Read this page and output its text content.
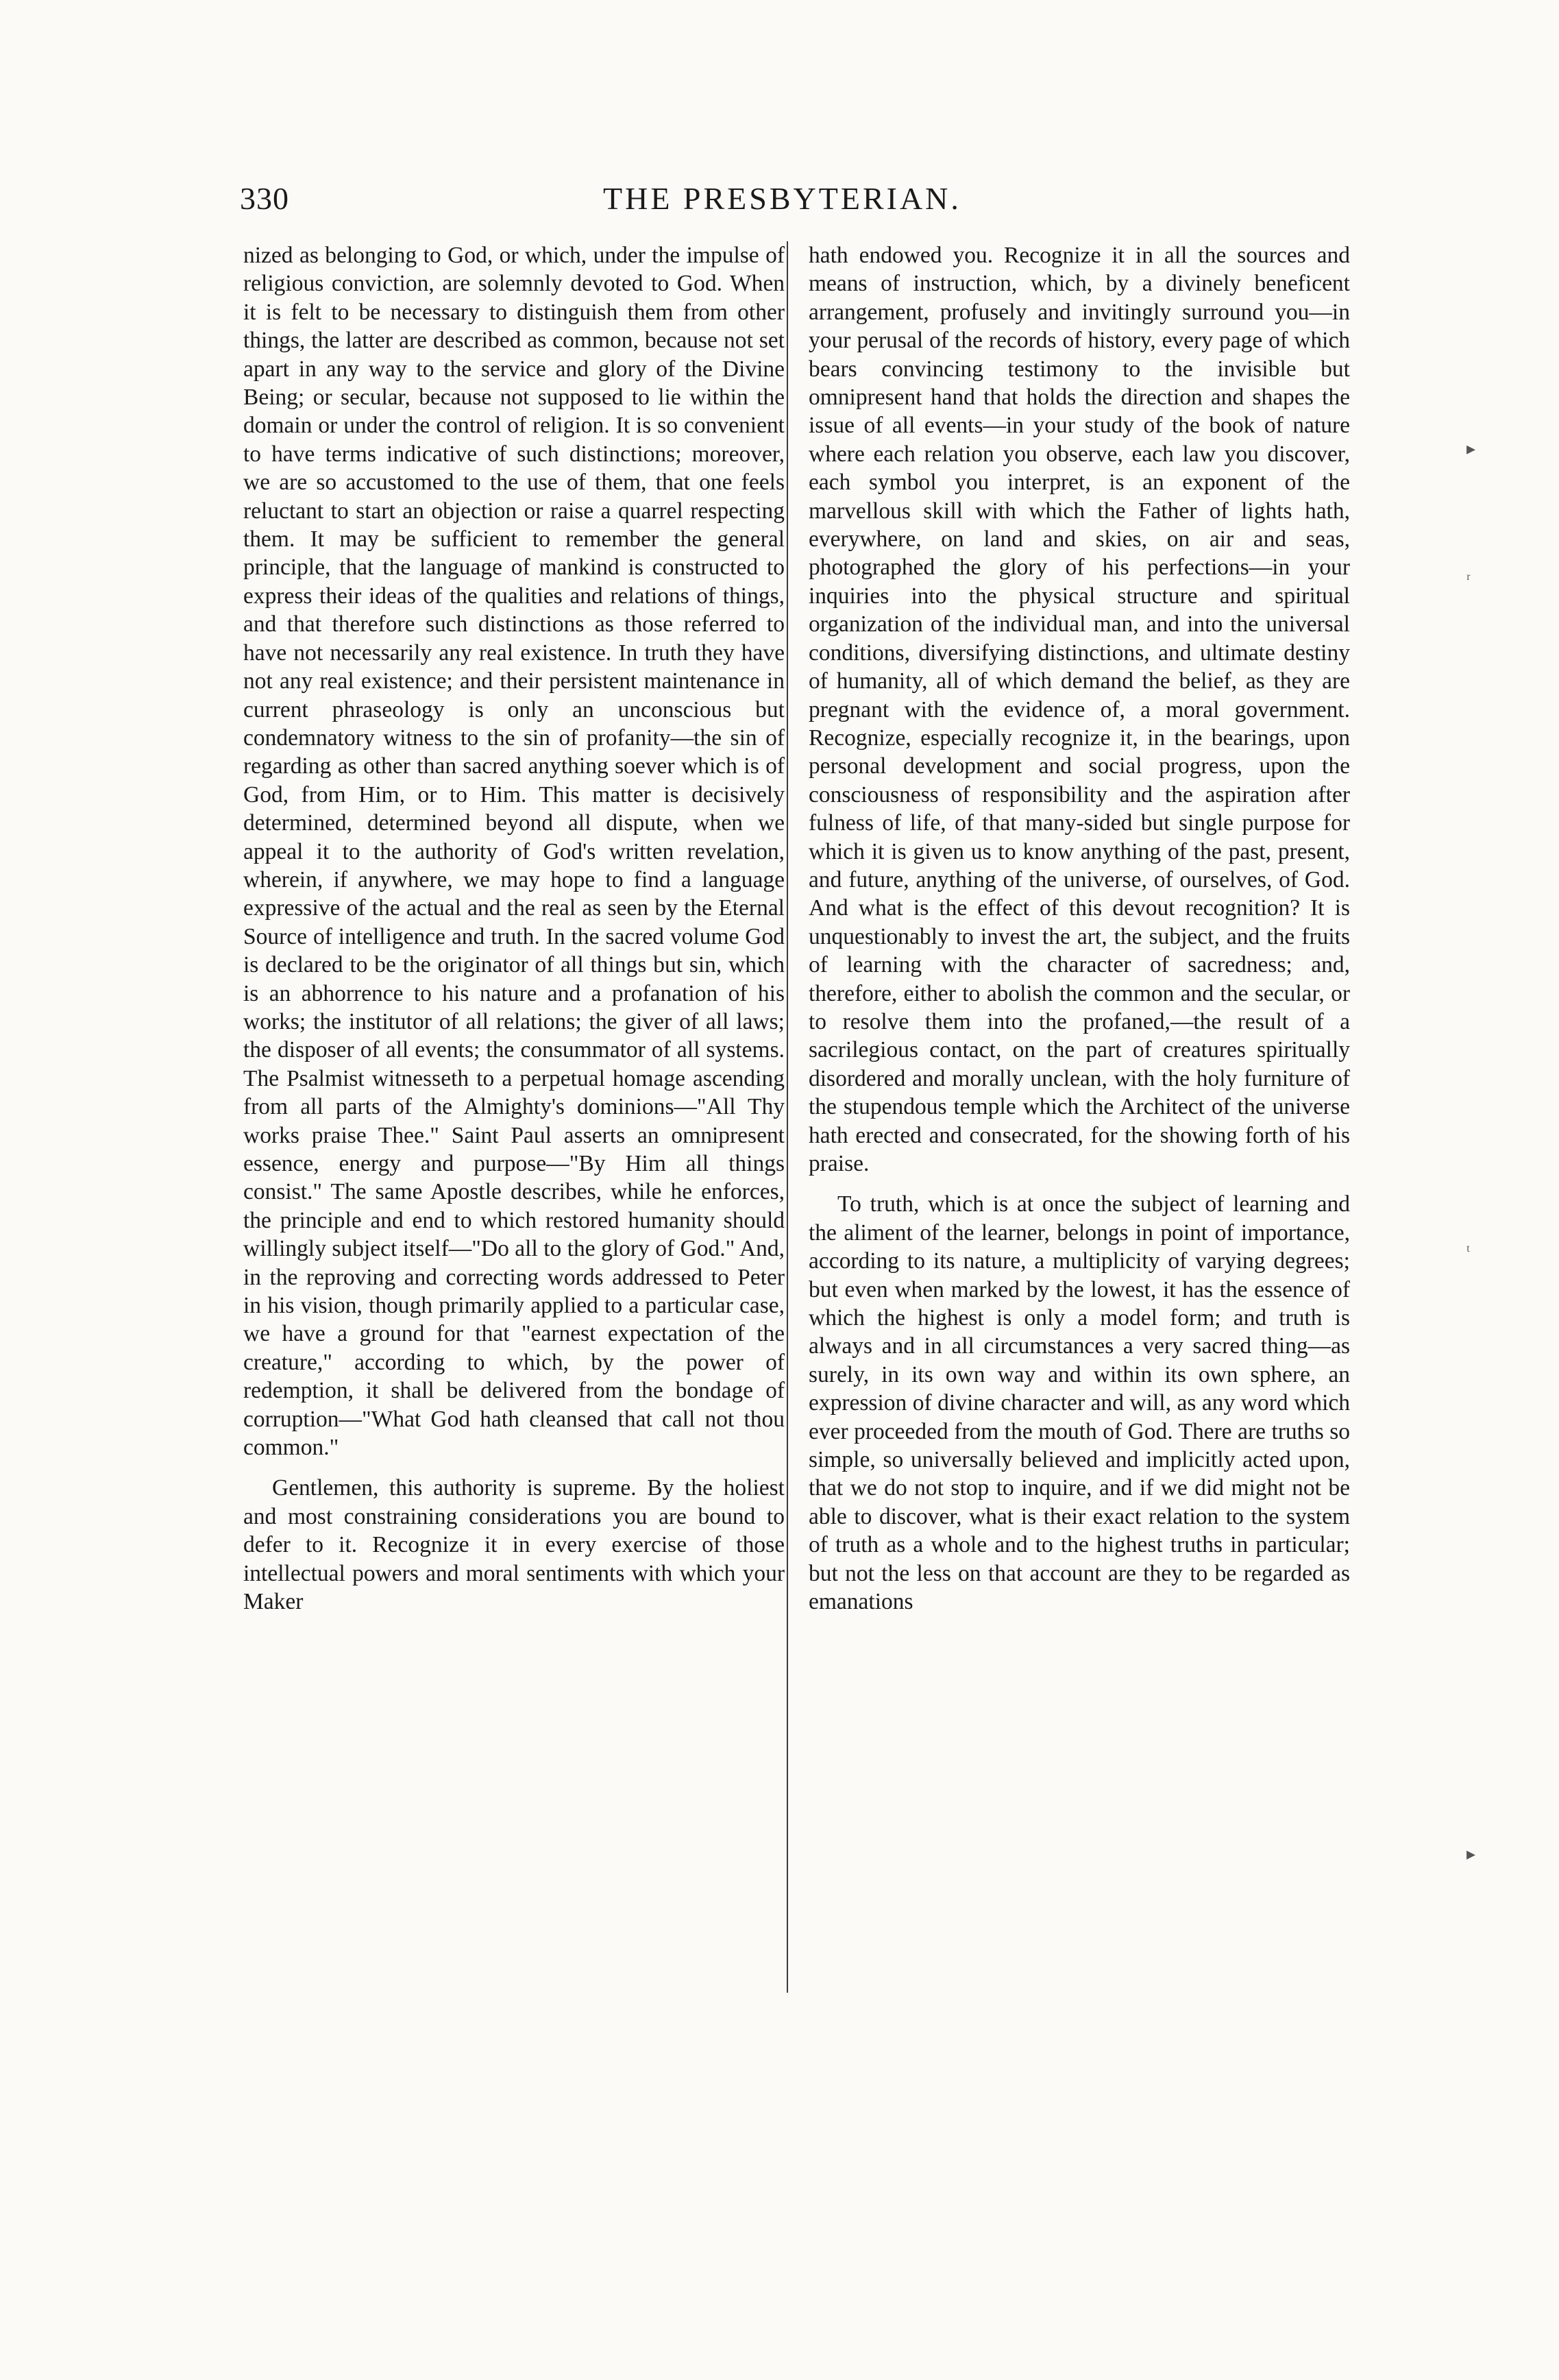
330	THE PRESBYTERIAN.

nized as belonging to God, or which, under the impulse of religious conviction, are solemnly devoted to God. When it is felt to be necessary to distinguish them from other things, the latter are described as common, because not set apart in any way to the service and glory of the Divine Being; or secular, because not supposed to lie within the domain or under the control of religion. It is so convenient to have terms indicative of such distinctions; moreover, we are so accustomed to the use of them, that one feels reluctant to start an objection or raise a quarrel respecting them. It may be sufficient to remember the general principle, that the language of mankind is constructed to express their ideas of the qualities and relations of things, and that therefore such distinctions as those referred to have not necessarily any real existence. In truth they have not any real existence; and their persistent maintenance in current phraseology is only an unconscious but condemnatory witness to the sin of profanity—the sin of regarding as other than sacred anything soever which is of God, from Him, or to Him. This matter is decisively determined, determined beyond all dispute, when we appeal it to the authority of God's written revelation, wherein, if anywhere, we may hope to find a language expressive of the actual and the real as seen by the Eternal Source of intelligence and truth. In the sacred volume God is declared to be the originator of all things but sin, which is an abhorrence to his nature and a profanation of his works; the institutor of all relations; the giver of all laws; the disposer of all events; the consummator of all systems. The Psalmist witnesseth to a perpetual homage ascending from all parts of the Almighty's dominions—"All Thy works praise Thee." Saint Paul asserts an omnipresent essence, energy and purpose—"By Him all things consist." The same Apostle describes, while he enforces, the principle and end to which restored humanity should willingly subject itself—"Do all to the glory of God." And, in the reproving and correcting words addressed to Peter in his vision, though primarily applied to a particular case, we have a ground for that "earnest expectation of the creature," according to which, by the power of redemption, it shall be delivered from the bondage of corruption—"What God hath cleansed that call not thou common."

Gentlemen, this authority is supreme. By the holiest and most constraining considerations you are bound to defer to it. Recognize it in every exercise of those intellectual powers and moral sentiments with which your Maker

hath endowed you. Recognize it in all the sources and means of instruction, which, by a divinely beneficent arrangement, profusely and invitingly surround you—in your perusal of the records of history, every page of which bears convincing testimony to the invisible but omnipresent hand that holds the direction and shapes the issue of all events—in your study of the book of nature where each relation you observe, each law you discover, each symbol you interpret, is an exponent of the marvellous skill with which the Father of lights hath, everywhere, on land and skies, on air and seas, photographed the glory of his perfections—in your inquiries into the physical structure and spiritual organization of the individual man, and into the universal conditions, diversifying distinctions, and ultimate destiny of humanity, all of which demand the belief, as they are pregnant with the evidence of, a moral government. Recognize, especially recognize it, in the bearings, upon personal development and social progress, upon the consciousness of responsibility and the aspiration after fulness of life, of that many-sided but single purpose for which it is given us to know anything of the past, present, and future, anything of the universe, of ourselves, of God. And what is the effect of this devout recognition? It is unquestionably to invest the art, the subject, and the fruits of learning with the character of sacredness; and, therefore, either to abolish the common and the secular, or to resolve them into the profaned,—the result of a sacrilegious contact, on the part of creatures spiritually disordered and morally unclean, with the holy furniture of the stupendous temple which the Architect of the universe hath erected and consecrated, for the showing forth of his praise.

To truth, which is at once the subject of learning and the aliment of the learner, belongs in point of importance, according to its nature, a multiplicity of varying degrees; but even when marked by the lowest, it has the essence of which the highest is only a model form; and truth is always and in all circumstances a very sacred thing—as surely, in its own way and within its own sphere, an expression of divine character and will, as any word which ever proceeded from the mouth of God. There are truths so simple, so universally believed and implicitly acted upon, that we do not stop to inquire, and if we did might not be able to discover, what is their exact relation to the system of truth as a whole and to the highest truths in particular; but not the less on that account are they to be regarded as emanations

▸
ʳ
ᵗ
▸
